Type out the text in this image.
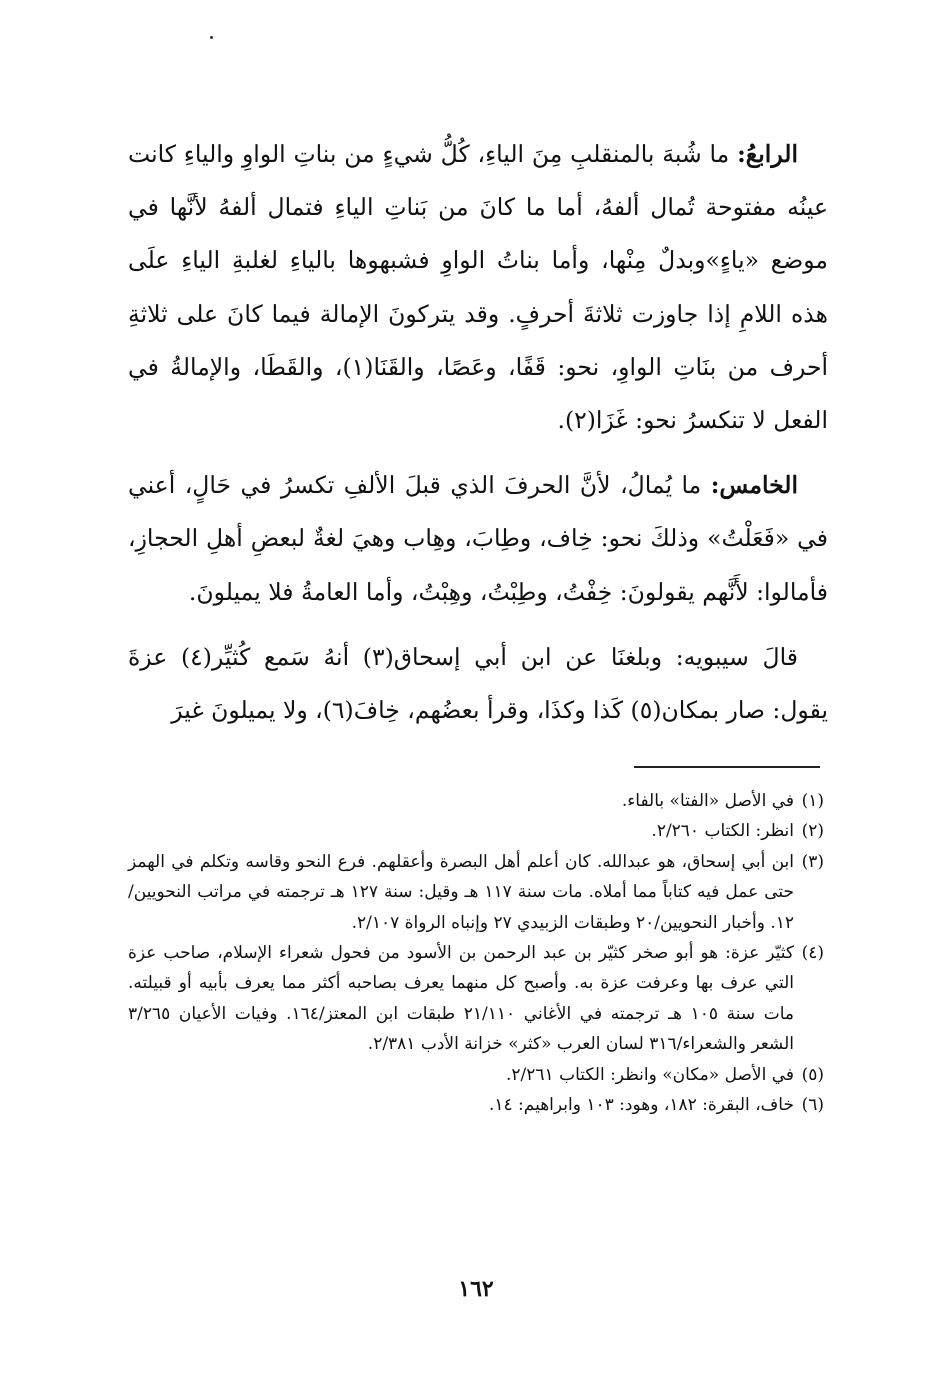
الرابعُ: ما شُبهَ بالمنقلبِ مِنَ الياءِ، كُلُّ شيءٍ من بناتِ الواوِ والياءِ كانت عينُه مفتوحة تُمال ألفهُ، أما ما كانَ من بَناتِ الياءِ فتمال ألفهُ لأنَّها في موضع «ياءٍ»وبدلٌ مِنْها، وأما بناتُ الواوِ فشبهوها بالياءِ لغلبةِ الياءِ علَى هذه اللامِ إذا جاوزت ثلاثةَ أحرفٍ. وقد يتركونَ الإمالة فيما كانَ على ثلاثةِ أحرف من بنَاتِ الواوِ، نحو: قَفًا، وعَصًا، والقَنَا(١)، والقَطَا، والإمالةُ في الفعل لا تنكسرُ نحو: غَزَا(٢).

الخامس: ما يُمالُ، لأنَّ الحرفَ الذي قبلَ الألفِ تكسرُ في حَالٍ، أعني في «فَعَلْتُ» وذلكَ نحو: خِاف، وطِابَ، وهِاب وهيَ لغةٌ لبعضِ أهلِ الحجازِ، فأمالوا: لأَنَّهم يقولونَ: خِفْتُ، وطِبْتُ، وهِبْتُ، وأما العامةُ فلا يميلونَ.

قالَ سيبويه: وبلغنَا عن ابن أبي إسحاق(٣) أنهُ سَمع كُثيِّر(٤) عزةَ يقول: صار بمكان(٥) كَذا وكذَا، وقرأ بعضُهم، خِافَ(٦)، ولا يميلونَ غيرَ

(١)
في الأصل «الفتا» بالفاء.
(٢)
انظر: الكتاب ٢/٢٦٠.
(٣)
ابن أبي إسحاق، هو عبدالله. كان أعلم أهل البصرة وأعقلهم. فرع النحو وقاسه وتكلم في الهمز حتى عمل فيه كتاباً مما أملاه. مات سنة ١١٧ هـ وقيل: سنة ١٢٧ هـ ترجمته في مراتب النحويين/١٢. وأخبار النحويين/٢٠ وطبقات الزبيدي ٢٧ وإنباه الرواة ٢/١٠٧.
(٤)
كثيّر عزة: هو أبو صخر كثيّر بن عبد الرحمن بن الأسود من فحول شعراء الإسلام، صاحب عزة التي عرف بها وعرفت عزة به. وأصبح كل منهما يعرف بصاحبه أكثر مما يعرف بأبيه أو قبيلته. مات سنة ١٠٥ هـ ترجمته في الأغاني ٢١/١١٠ طبقات ابن المعتز/١٦٤. وفيات الأعيان ٣/٢٦٥ الشعر والشعراء/٣١٦ لسان العرب «كثر» خزانة الأدب ٢/٣٨١.
(٥)
في الأصل «مكان» وانظر: الكتاب ٢/٢٦١.
(٦)
خاف، البقرة: ١٨٢، وهود: ١٠٣ وابراهيم: ١٤.
١٦٢
